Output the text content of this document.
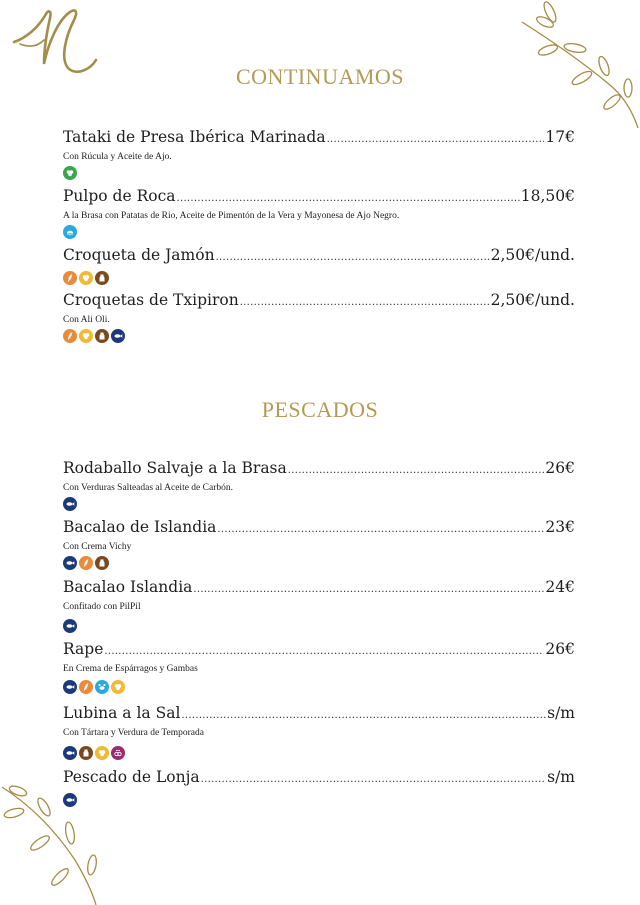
CONTINUAMOS
Tataki de Presa Ibérica Marinada .....	17€
Con Rúcula y Aceite de Ajo.
Pulpo de Roca .....	18,50€
A la Brasa con Patatas de Rio, Aceite de Pimentón de la Vera y Mayonesa de Ajo Negro.
Croqueta de Jamón .....	2,50€/und.
Croquetas de Txipiron .....	2,50€/und.
Con Ali Oli.
PESCADOS
Rodaballo Salvaje a la Brasa .....	26€
Con Verduras Salteadas al Aceite de Carbón.
Bacalao de Islandia .....	23€
Con Crema Vichy
Bacalao Islandia .....	24€
Confitado con PilPil
Rape .....	26€
En Crema de Espárragos y Gambas
Lubina a la Sal .....	s/m
Con Tártara y Verdura de Temporada
Pescado de Lonja .....	s/m
